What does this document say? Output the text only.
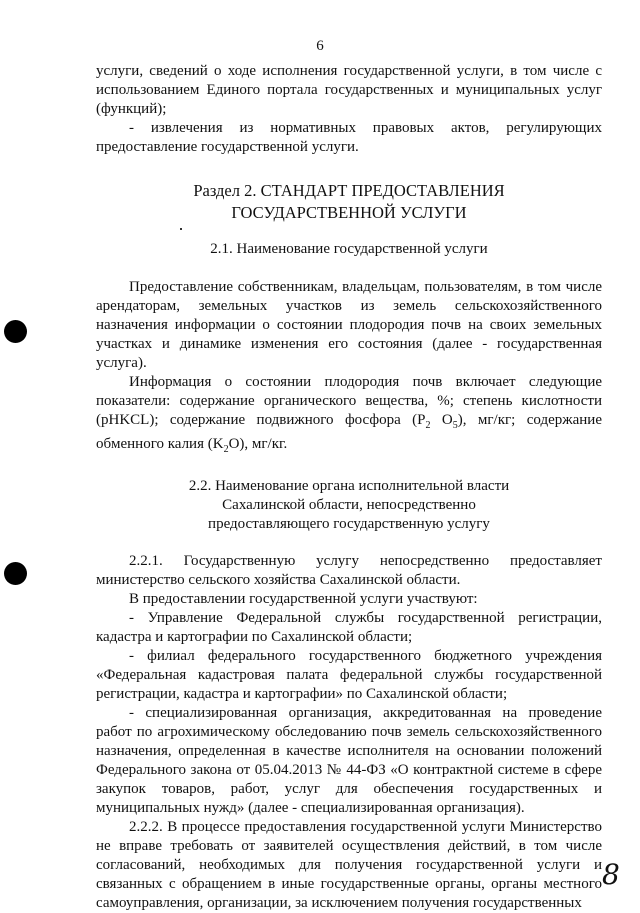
6

услуги, сведений о ходе исполнения государственной услуги, в том числе с использованием Единого портала государственных и муниципальных услуг (функций);

- извлечения из нормативных правовых актов, регулирующих предоставление государственной услуги.

Раздел 2. СТАНДАРТ ПРЕДОСТАВЛЕНИЯ ГОСУДАРСТВЕННОЙ УСЛУГИ

2.1. Наименование государственной услуги

Предоставление собственникам, владельцам, пользователям, в том числе арендаторам, земельных участков из земель сельскохозяйственного назначения информации о состоянии плодородия почв на своих земельных участках и динамике изменения его состояния (далее - государственная услуга).

Информация о состоянии плодородия почв включает следующие показатели: содержание органического вещества, %; степень кислотности (pHKCL); содержание подвижного фосфора ($P_2$ $O_5$), мг/кг; содержание обменного калия $(K_2O)$, мг/кг.

2.2. Наименование органа исполнительной власти

Сахалинской области, непосредственно

предоставляющего государственную услугу

2.2.1. Государственную услугу непосредственно предоставляет министерство сельского хозяйства Сахалинской области.

В предоставлении государственной услуги участвуют:

- Управление Федеральной службы государственной регистрации, кадастра и картографии по Сахалинской области;

- филиал федерального государственного бюджетного учреждения «Федеральная кадастровая палата федеральной службы государственной регистрации, кадастра и картографии» по Сахалинской области;

- специализированная организация, аккредитованная на проведение работ по агрохимическому обследованию почв земель сельскохозяйственного назначения, определенная в качестве исполнителя на основании положений Федерального закона от 05.04.2013 № 44-ФЗ «О контрактной системе в сфере закупок товаров, работ, услуг для обеспечения государственных и муниципальных нужд» (далее - специализированная организация).

2.2.2. В процессе предоставления государственной услуги Министерство не вправе требовать от заявителей осуществления действий, в том числе согласований, необходимых для получения государственной услуги и связанных с обращением в иные государственные органы, органы местного самоуправления, организации, за исключением получения государственных

8
